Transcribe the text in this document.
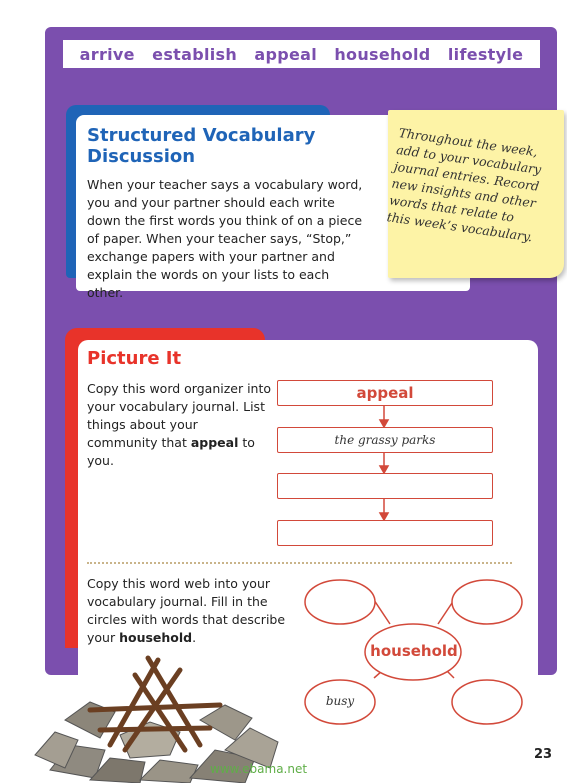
arrive establish appeal household lifestyle
Structured Vocabulary Discussion

When your teacher says a vocabulary word, you and your partner should each write down the first words you think of on a piece of paper. When your teacher says, “Stop,” exchange papers with your partner and explain the words on your lists to each other.

Throughout the week, add to your vocabulary journal entries. Record new insights and other words that relate to this week’s vocabulary.

Picture It

Copy this word organizer into your vocabulary journal. List things about your community that appeal to you.

appeal
the grassy parks

Copy this word web into your vocabulary journal. Fill in the circles with words that describe your household.

household
busy
23
www.ebama.net
